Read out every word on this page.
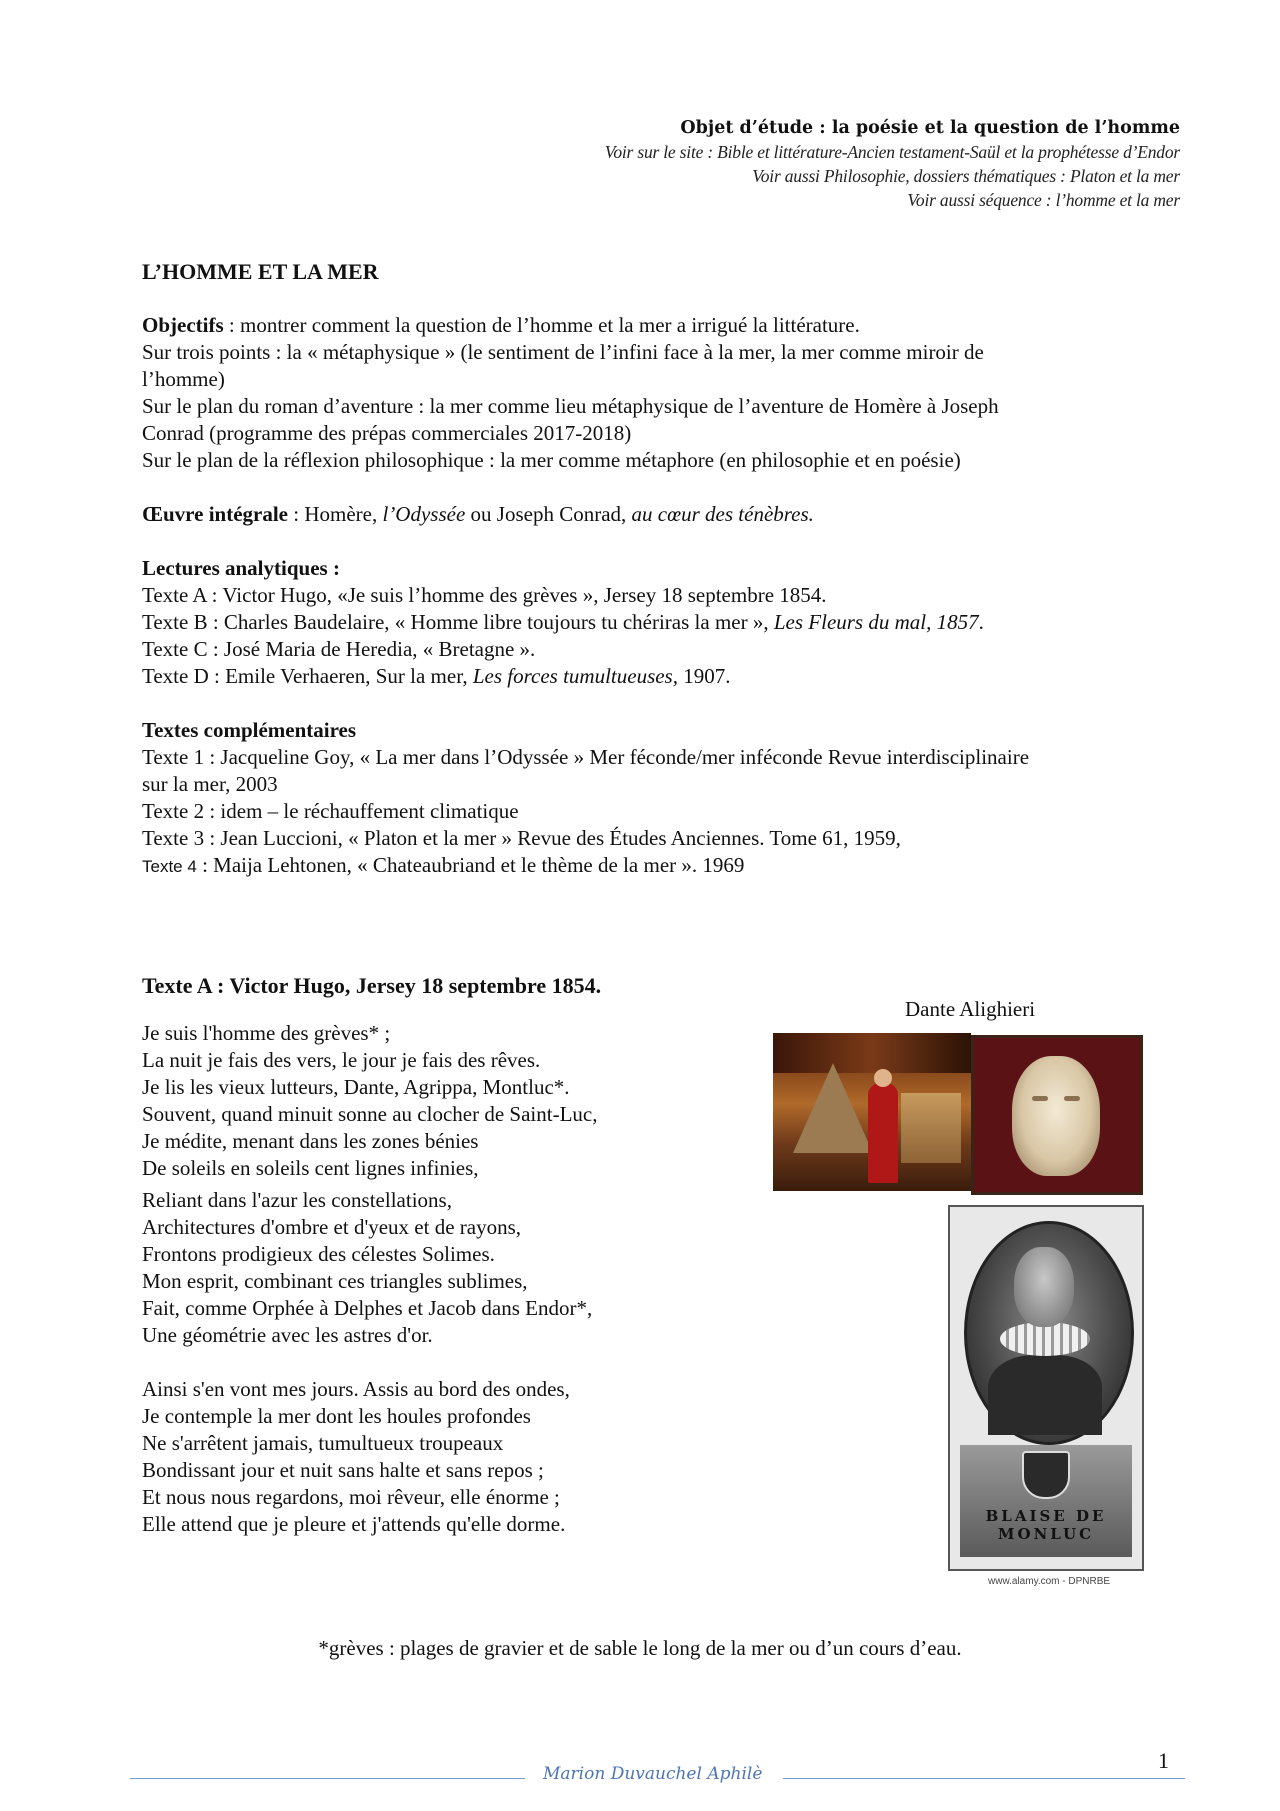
Objet d’étude : la poésie et la question de l’homme
Voir sur le site : Bible et littérature-Ancien testament-Saül et la prophétesse d’Endor
Voir aussi Philosophie, dossiers thématiques : Platon et la mer
Voir aussi séquence : l’homme et la mer

L’HOMME ET LA MER

Objectifs : montrer comment la question de l’homme et la mer a irrigué la littérature.

Sur trois points : la « métaphysique » (le sentiment de l’infini face à la mer, la mer comme miroir de

l’homme)

Sur le plan du roman d’aventure : la mer comme lieu métaphysique de l’aventure de Homère à Joseph

Conrad (programme des prépas commerciales 2017-2018)

Sur le plan de la réflexion philosophique : la mer comme métaphore (en philosophie et en poésie)

Œuvre intégrale : Homère, l’Odyssée ou Joseph Conrad, au cœur des ténèbres.

Lectures analytiques :

Texte A : Victor Hugo, «Je suis l’homme des grèves », Jersey 18 septembre 1854.

Texte B : Charles Baudelaire, « Homme libre toujours tu chériras la mer », Les Fleurs du mal, 1857.

Texte C : José Maria de Heredia, « Bretagne ».

Texte D : Emile Verhaeren, Sur la mer, Les forces tumultueuses, 1907.

Textes complémentaires

Texte 1 : Jacqueline Goy, « La mer dans l’Odyssée » Mer féconde/mer inféconde Revue interdisciplinaire

sur la mer, 2003

Texte 2 : idem – le réchauffement climatique

Texte 3 : Jean Luccioni, « Platon et la mer » Revue des Études Anciennes. Tome 61, 1959,

Texte 4 : Maija Lehtonen, « Chateaubriand et le thème de la mer ». 1969

Texte A : Victor Hugo, Jersey 18 septembre 1854.

Je suis l'homme des grèves* ;

La nuit je fais des vers, le jour je fais des rêves.

Je lis les vieux lutteurs, Dante, Agrippa, Montluc*.

Souvent, quand minuit sonne au clocher de Saint-Luc,

Je médite, menant dans les zones bénies

De soleils en soleils cent lignes infinies,

Reliant dans l'azur les constellations,

Architectures d'ombre et d'yeux et de rayons,

Frontons prodigieux des célestes Solimes.

Mon esprit, combinant ces triangles sublimes,

Fait, comme Orphée à Delphes et Jacob dans Endor*,

Une géométrie avec les astres d'or.

Ainsi s'en vont mes jours. Assis au bord des ondes,

Je contemple la mer dont les houles profondes

Ne s'arrêtent jamais, tumultueux troupeaux

Bondissant jour et nuit sans halte et sans repos ;

Et nous nous regardons, moi rêveur, elle énorme ;

Elle attend que je pleure et j'attends qu'elle dorme.

Dante Alighieri
BLAISE DE
MONLUC
www.alamy.com - DPNRBE
*grèves : plages de gravier et de sable le long de la mer ou d’un cours d’eau.
1
Marion Duvauchel Aphilè
